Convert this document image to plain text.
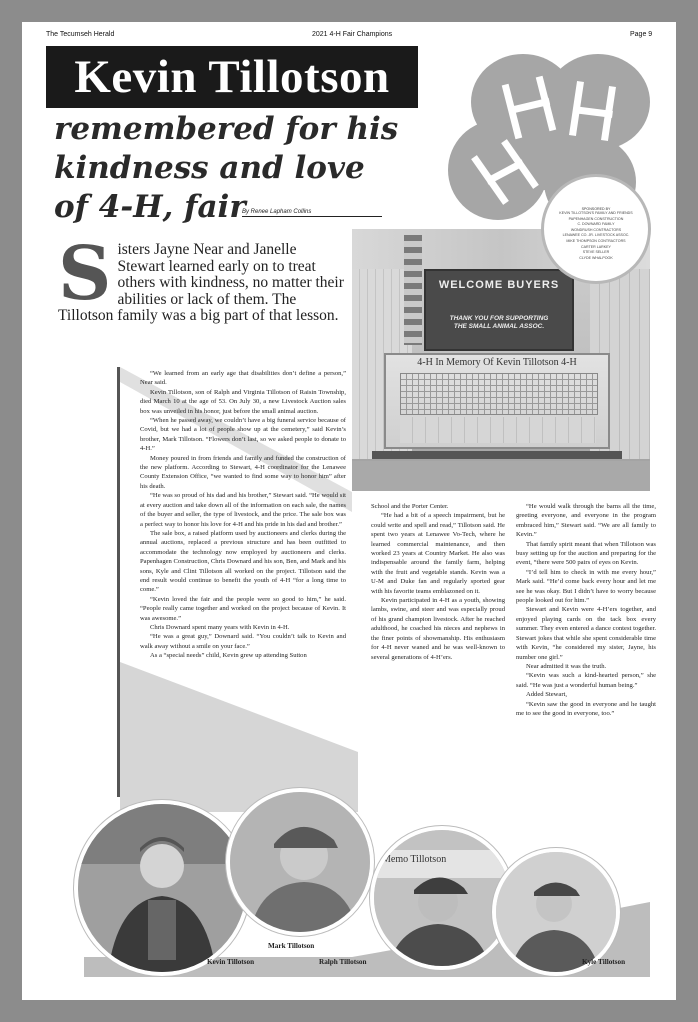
The Tecumseh Herald	2021 4-H Fair Champions	Page 9
Kevin Tillotson
remembered for his
kindness and love
of 4-H, fair
By Renee Lapham Collins
WELCOME BUYERS
THANK YOU FOR SUPPORTING
THE SMALL ANIMAL ASSOC.
4-H In Memory Of Kevin Tillotson 4-H
SPONSORED BY
KEVIN TILLOTSON'S FAMILY AND FRIENDS
PAPENHAGEN CONSTRUCTION
C. DOWNARD FAMILY
WONDRUSH CONTRACTORS
LENAWEE CO. JR. LIVESTOCK ASSOC.
MIKE THOMPSON CONTRACTORS
CARTER LARKEY
STEVE SELLER
CLYDE WHALPOOK
Sisters Jayne Near and Janelle Stewart learned early on to treat others with kindness, no matter their abilities or lack of them. The Tillotson family was a big part of that lesson.

“We learned from an early age that disabilities don’t define a person,” Near said.

Kevin Tillotson, son of Ralph and Virginia Tillotson of Raisin Township, died March 10 at the age of 53. On July 30, a new Livestock Auction sales box was unveiled in his honor, just before the small animal auction.

“When he passed away, we couldn’t have a big funeral service because of Covid, but we had a lot of people show up at the cemetery,” said Kevin’s brother, Mark Tillotson. “Flowers don’t last, so we asked people to donate to 4-H.”

Money poured in from friends and family and funded the construction of the new platform. According to Stewart, 4-H coordinator for the Lenawee County Extension Office, “we wanted to find some way to honor him” after his death.

“He was so proud of his dad and his brother,” Stewart said. “He would sit at every auction and take down all of the information on each sale, the names of the buyer and seller, the type of livestock, and the price. The sale box was a perfect way to honor his love for 4-H and his pride in his dad and brother.”

The sale box, a raised platform used by auctioneers and clerks during the annual auctions, replaced a previous structure and has been outfitted to accommodate the technology now employed by auctioneers and clerks. Papenhagen Construction, Chris Downard and his son, Ben, and Mark and his sons, Kyle and Clint Tillotson all worked on the project. Tillotson said the end result would continue to benefit the youth of 4-H “for a long time to come.”

“Kevin loved the fair and the people were so good to him,” he said. “People really came together and worked on the project because of Kevin. It was awesome.”

Chris Downard spent many years with Kevin in 4-H.

“He was a great guy,” Downard said. “You couldn’t talk to Kevin and walk away without a smile on your face.”

As a “special needs” child, Kevin grew up attending Sutton

School and the Porter Center.

“He had a bit of a speech impairment, but he could write and spell and read,” Tillotson said. He spent two years at Lenawee Vo-Tech, where he learned commercial maintenance, and then worked 23 years at Country Market. He also was indispensable around the family farm, helping with the fruit and vegetable stands. Kevin was a U-M and Duke fan and regularly sported gear with his favorite teams emblazoned on it.

Kevin participated in 4-H as a youth, showing lambs, swine, and steer and was especially proud of his grand champion livestock. After he reached adulthood, he coached his nieces and nephews in the finer points of showmanship. His enthusiasm for 4-H never waned and he was well-known to several generations of 4-H’ers.

“He would walk through the barns all the time, greeting everyone, and everyone in the program embraced him,” Stewart said. “We are all family to Kevin.”

That family spirit meant that when Tillotson was busy setting up for the auction and preparing for the event, “there were 500 pairs of eyes on Kevin.

“I’d tell him to check in with me every hour,” Mark said. “He’d come back every hour and let me see he was okay. But I didn’t have to worry because people looked out for him.”

Stewart and Kevin were 4-H’ers together, and enjoyed playing cards on the tack box every summer. They even entered a dance contest together. Stewart jokes that while she spent considerable time with Kevin, “he considered my sister, Jayne, his number one girl.”

Near admitted it was the truth.

“Kevin was such a kind-hearted person,” she said. “He was just a wonderful human being.”

Added Stewart,

“Kevin saw the good in everyone and he taught me to see the good in everyone, too.”

Memo Tillotson
Kevin Tillotson
Mark Tillotson
Ralph Tillotson	Kyle Tillotson
